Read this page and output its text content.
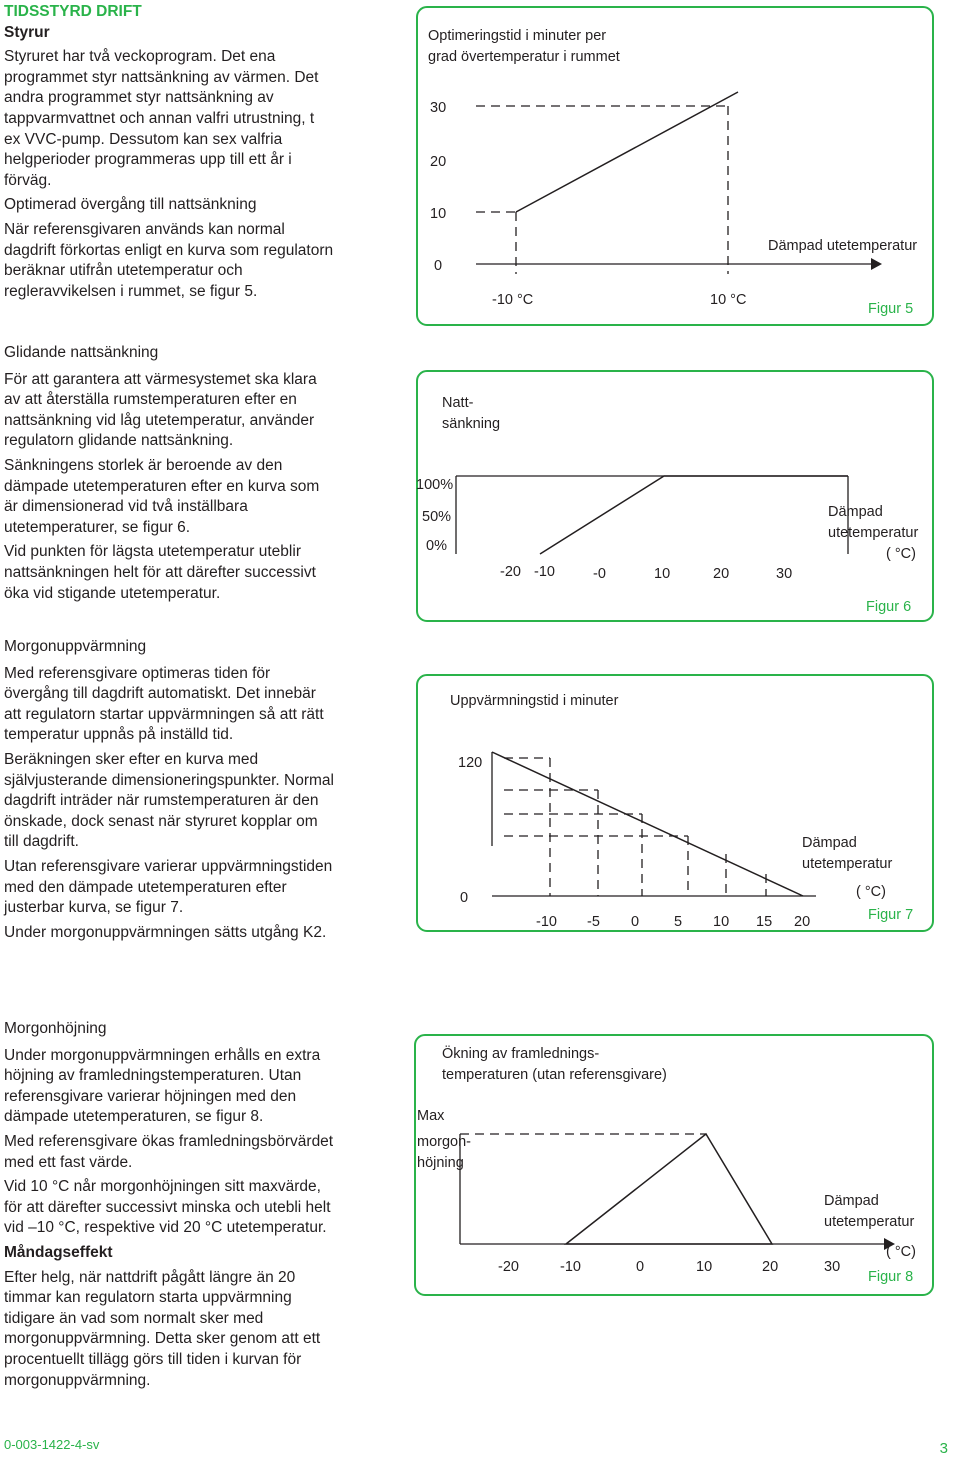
TIDSSTYRD DRIFT
Styrur

Styruret har två veckoprogram. Det ena programmet styr nattsänkning av värmen. Det andra programmet styr nattsänkning av tappvarmvattnet och annan valfri utrustning, t ex VVC-pump. Dessutom kan sex valfria helgperioder programmeras upp till ett år i förväg.

Optimerad övergång till nattsänkning

När referensgivaren används kan normal dagdrift förkortas enligt en kurva som regulatorn beräknar utifrån utetemperatur och regleravvikelsen i rummet, se figur 5.

Glidande nattsänkning

För att garantera att värmesystemet ska klara av att återställa rumstemperaturen efter en nattsänkning vid låg utetemperatur, använder regulatorn glidande nattsänkning.

Sänkningens storlek är beroende av den dämpade utetemperaturen efter en kurva som är dimensionerad vid två inställbara utetemperaturer, se figur 6.

Vid punkten för lägsta utetemperatur uteblir nattsänkningen helt för att därefter successivt öka vid stigande utetemperatur.

Morgonuppvärmning

Med referensgivare optimeras tiden för övergång till dagdrift automatiskt. Det innebär att regulatorn startar uppvärmningen så att rätt temperatur uppnås på inställd tid.

Beräkningen sker efter en kurva med självjusterande dimensioneringspunkter. Normal dagdrift inträder när rumstemperaturen är den önskade, dock senast när styruret kopplar om till dagdrift.

Utan referensgivare varierar uppvärmningstiden med den dämpade utetemperaturen efter justerbar kurva, se figur 7.

Under morgonuppvärmningen sätts utgång K2.

Morgonhöjning

Under morgonuppvärmningen erhålls en extra höjning av framledningstemperaturen. Utan referensgivare varierar höjningen med den dämpade utetemperaturen, se figur 8.

Med referensgivare ökas framledningsbörvärdet med ett fast värde.

Vid 10 °C når morgonhöjningen sitt maxvärde, för att därefter successivt minska och utebli helt vid –10 °C, respektive vid 20 °C utetemperatur.

Måndagseffekt

Efter helg, när nattdrift pågått längre än 20 timmar kan regulatorn starta uppvärmning tidigare än vad som normalt sker med morgonuppvärmning. Detta sker genom att ett procentuellt tillägg görs till tiden i kurvan för morgonuppvärmning.

Optimeringstid i minuter per
grad övertemperatur i rummet
30
20
10
0
-10 °C	10 °C
Dämpad utetemperatur
Figur 5
Natt-
sänkning
100%
50%
0%
-20 -10	-0	10	20	30
Dämpad
utetemperatur
( °C)
Figur 6
Uppvärmningstid i minuter
120
0
-10 -5 0 5 10 15 20
Dämpad
utetemperatur
( °C)
Figur 7
Ökning av framlednings-
temperaturen (utan referensgivare)
Max
morgon-
höjning
-20	-10	0	10	20	30
Dämpad
utetemperatur
( °C)
Figur 8
0-003-1422-4-sv	3
